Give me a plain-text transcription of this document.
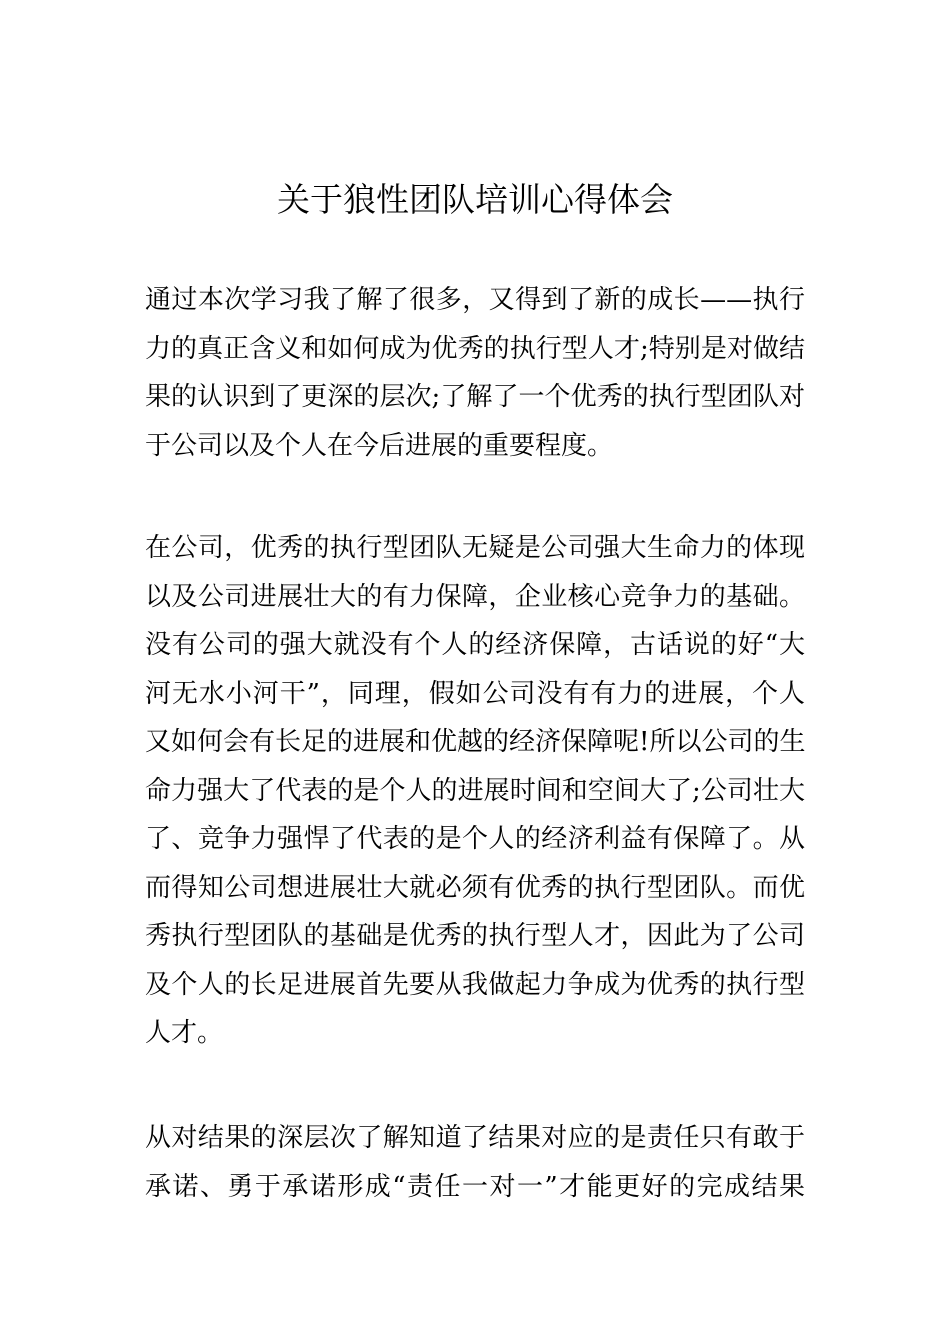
关于狼性团队培训心得体会
通过本次学习我了解了很多，又得到了新的成长——执行
力的真正含义和如何成为优秀的执行型人才;特别是对做结
果的认识到了更深的层次;了解了一个优秀的执行型团队对
于公司以及个人在今后进展的重要程度。
在公司，优秀的执行型团队无疑是公司强大生命力的体现
以及公司进展壮大的有力保障，企业核心竞争力的基础。
没有公司的强大就没有个人的经济保障，古话说的好“大
河无水小河干”，同理，假如公司没有有力的进展，个人
又如何会有长足的进展和优越的经济保障呢!所以公司的生
命力强大了代表的是个人的进展时间和空间大了;公司壮大
了、竞争力强悍了代表的是个人的经济利益有保障了。从
而得知公司想进展壮大就必须有优秀的执行型团队。而优
秀执行型团队的基础是优秀的执行型人才，因此为了公司
及个人的长足进展首先要从我做起力争成为优秀的执行型
人才。
从对结果的深层次了解知道了结果对应的是责任只有敢于
承诺、勇于承诺形成“责任一对一”才能更好的完成结果
